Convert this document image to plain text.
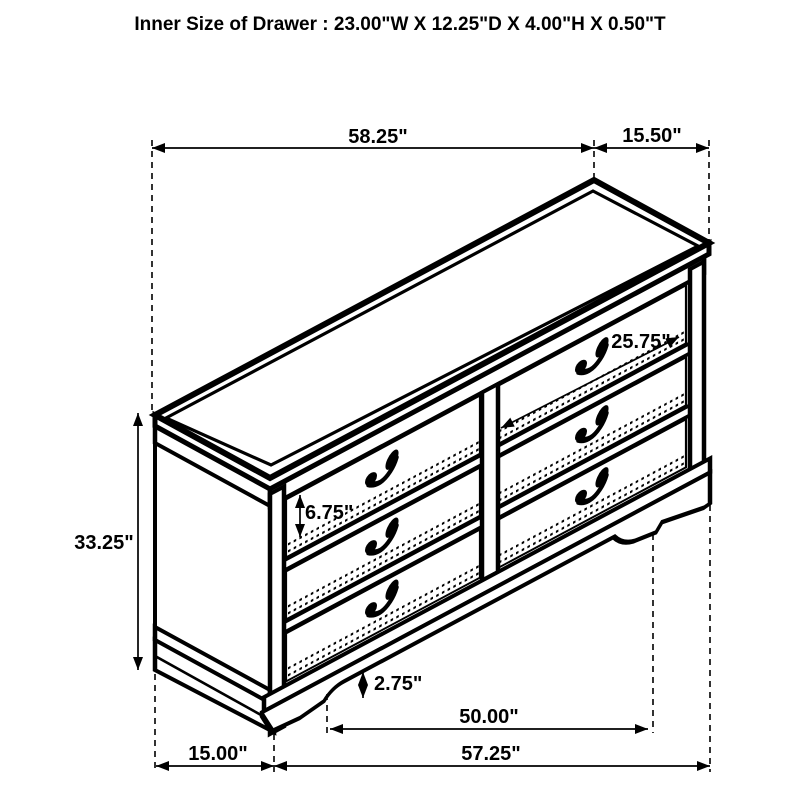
Inner Size of Drawer : 23.00"W X 12.25"D X 4.00"H X 0.50"T
58.25"	15.50"
25.75"
6.75"
33.25"
2.75"
50.00"
15.00"	57.25"
